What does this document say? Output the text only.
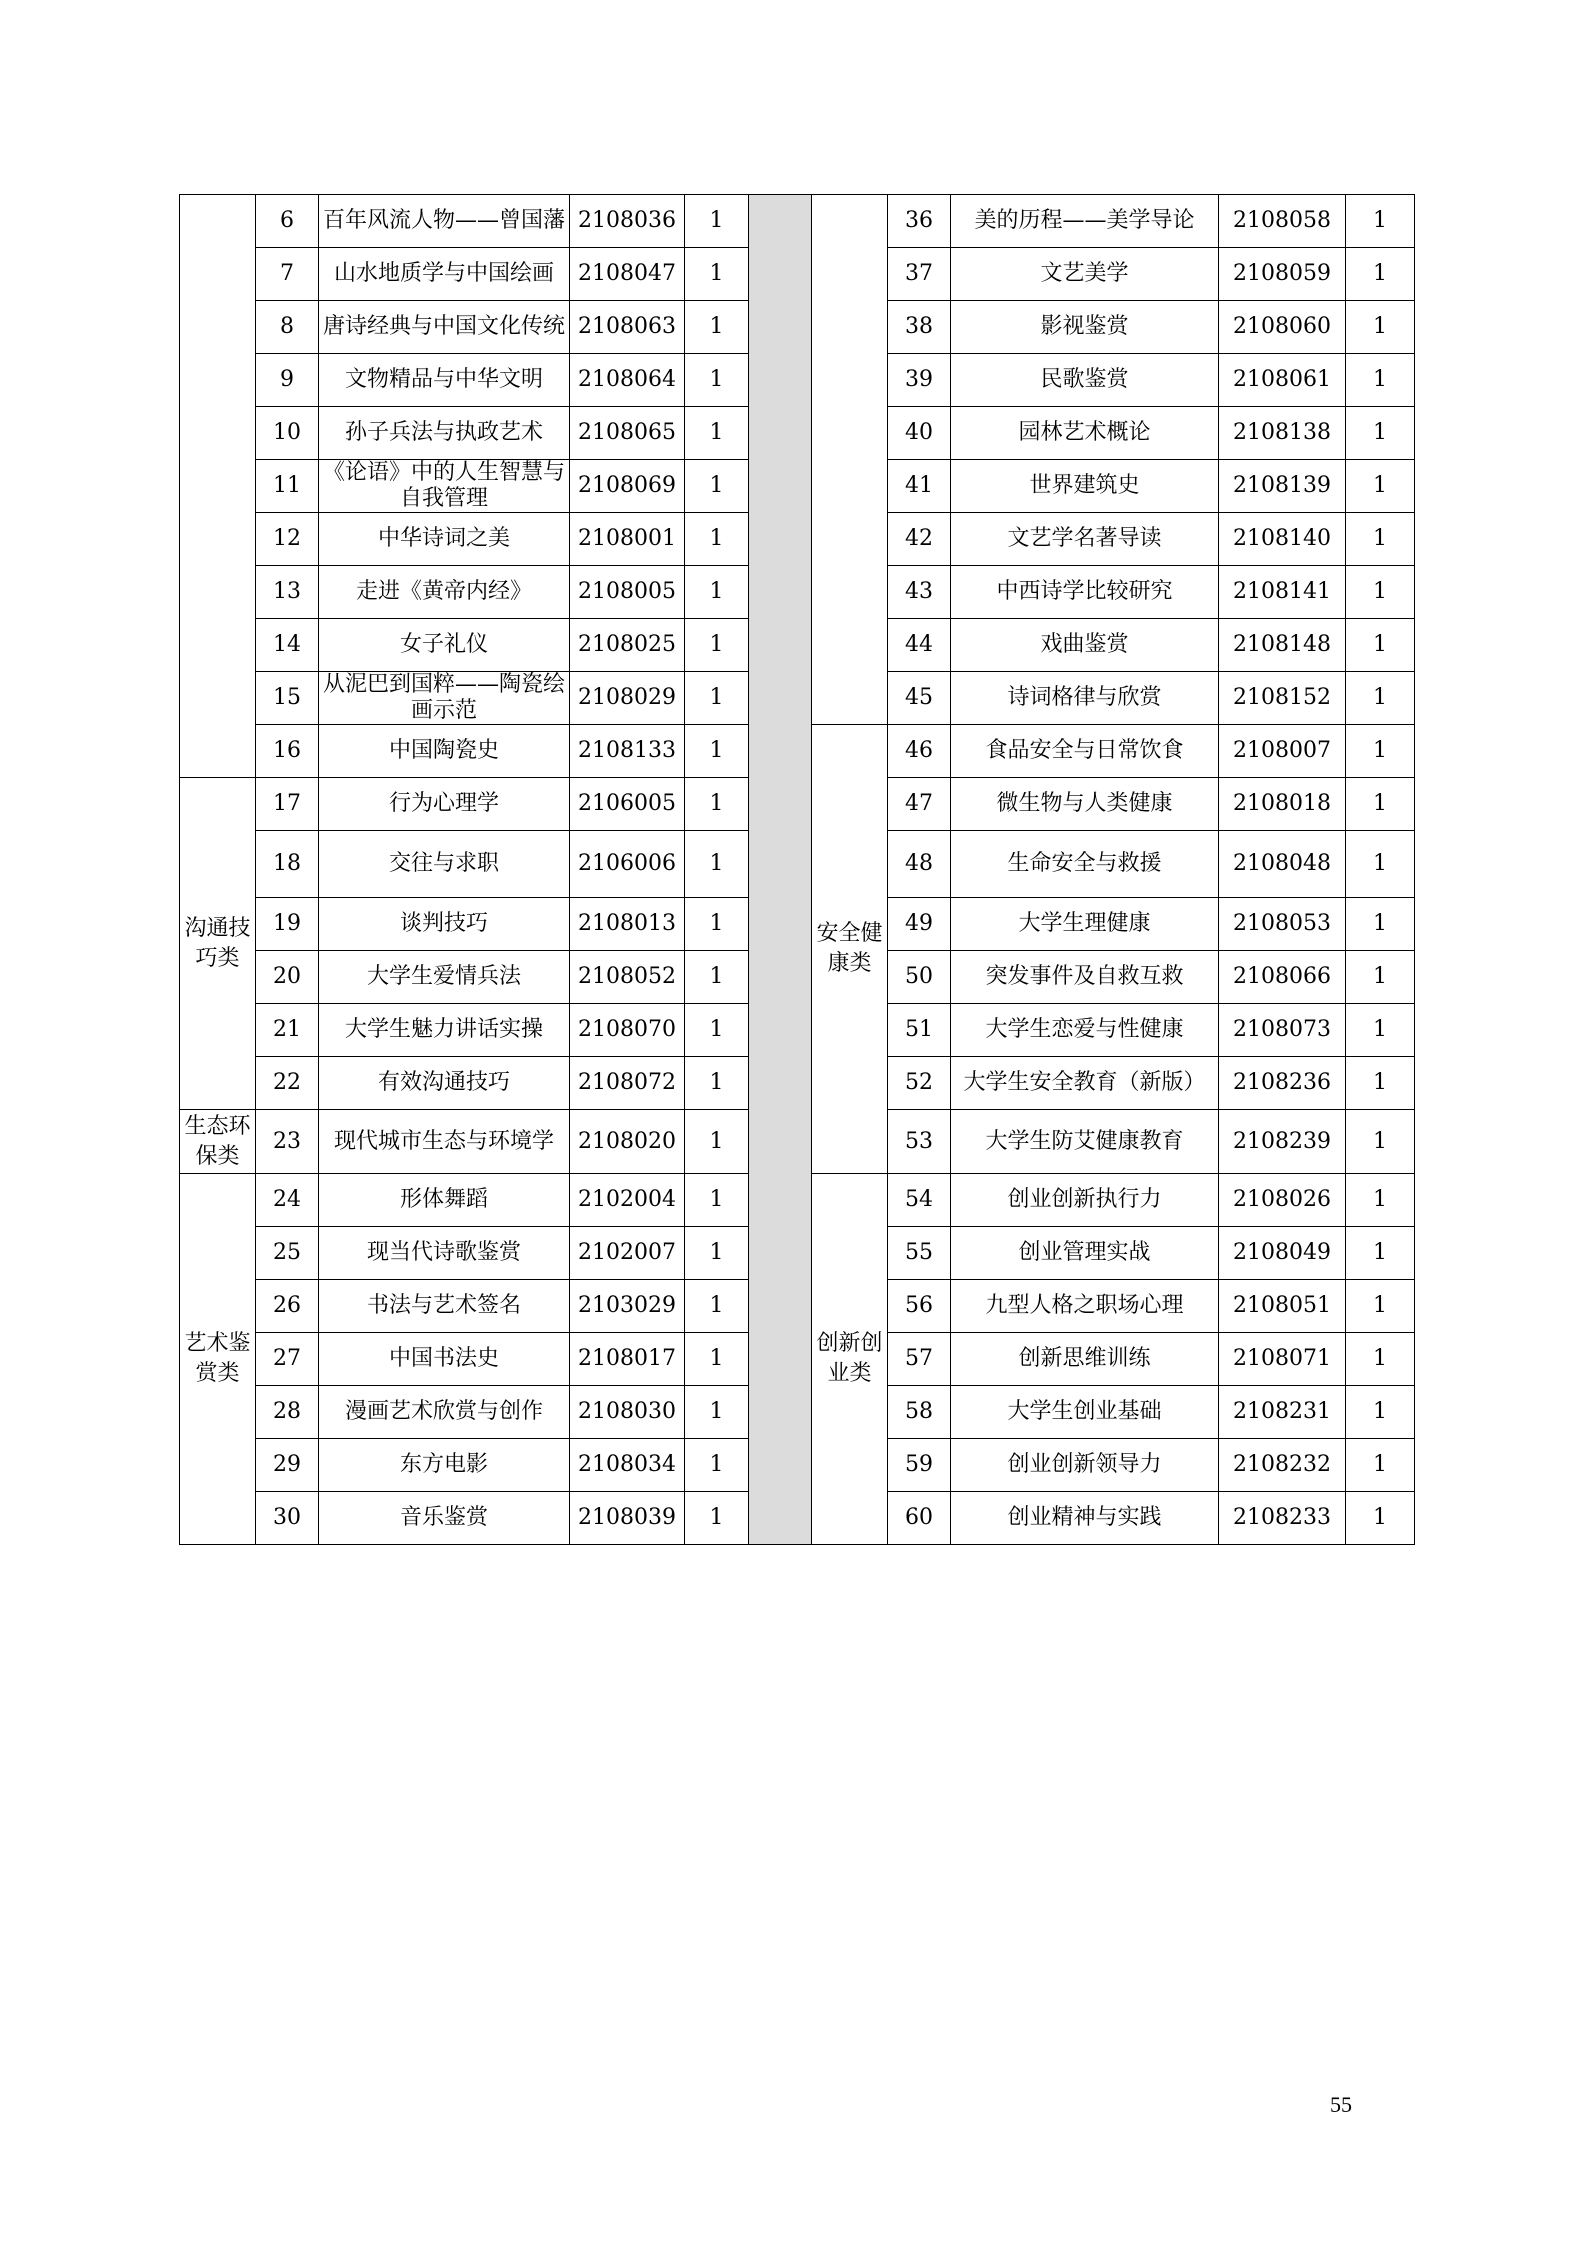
	6	百年风流人物——曾国藩	2108036	1			36	美的历程——美学导论	2108058	1
	7	山水地质学与中国绘画	2108047	1			37	文艺美学	2108059	1
	8	唐诗经典与中国文化传统	2108063	1			38	影视鉴赏	2108060	1
	9	文物精品与中华文明	2108064	1			39	民歌鉴赏	2108061	1
	10	孙子兵法与执政艺术	2108065	1			40	园林艺术概论	2108138	1
	11	《论语》中的人生智慧与自我管理	2108069	1			41	世界建筑史	2108139	1
	12	中华诗词之美	2108001	1			42	文艺学名著导读	2108140	1
	13	走进《黄帝内经》	2108005	1			43	中西诗学比较研究	2108141	1
	14	女子礼仪	2108025	1			44	戏曲鉴赏	2108148	1
	15	从泥巴到国粹——陶瓷绘画示范	2108029	1			45	诗词格律与欣赏	2108152	1
	16	中国陶瓷史	2108133	1		安全健康类	46	食品安全与日常饮食	2108007	1
沟通技巧类	17	行为心理学	2106005	1			47	微生物与人类健康	2108018	1
	18	交往与求职	2106006	1			48	生命安全与救援	2108048	1
	19	谈判技巧	2108013	1			49	大学生理健康	2108053	1
	20	大学生爱情兵法	2108052	1			50	突发事件及自救互救	2108066	1
	21	大学生魅力讲话实操	2108070	1			51	大学生恋爱与性健康	2108073	1
	22	有效沟通技巧	2108072	1			52	大学生安全教育（新版）	2108236	1
生态环保类	23	现代城市生态与环境学	2108020	1			53	大学生防艾健康教育	2108239	1
艺术鉴赏类	24	形体舞蹈	2102004	1		创新创业类	54	创业创新执行力	2108026	1
	25	现当代诗歌鉴赏	2102007	1			55	创业管理实战	2108049	1
	26	书法与艺术签名	2103029	1			56	九型人格之职场心理	2108051	1
	27	中国书法史	2108017	1			57	创新思维训练	2108071	1
	28	漫画艺术欣赏与创作	2108030	1			58	大学生创业基础	2108231	1
	29	东方电影	2108034	1			59	创业创新领导力	2108232	1
	30	音乐鉴赏	2108039	1			60	创业精神与实践	2108233	1
55
